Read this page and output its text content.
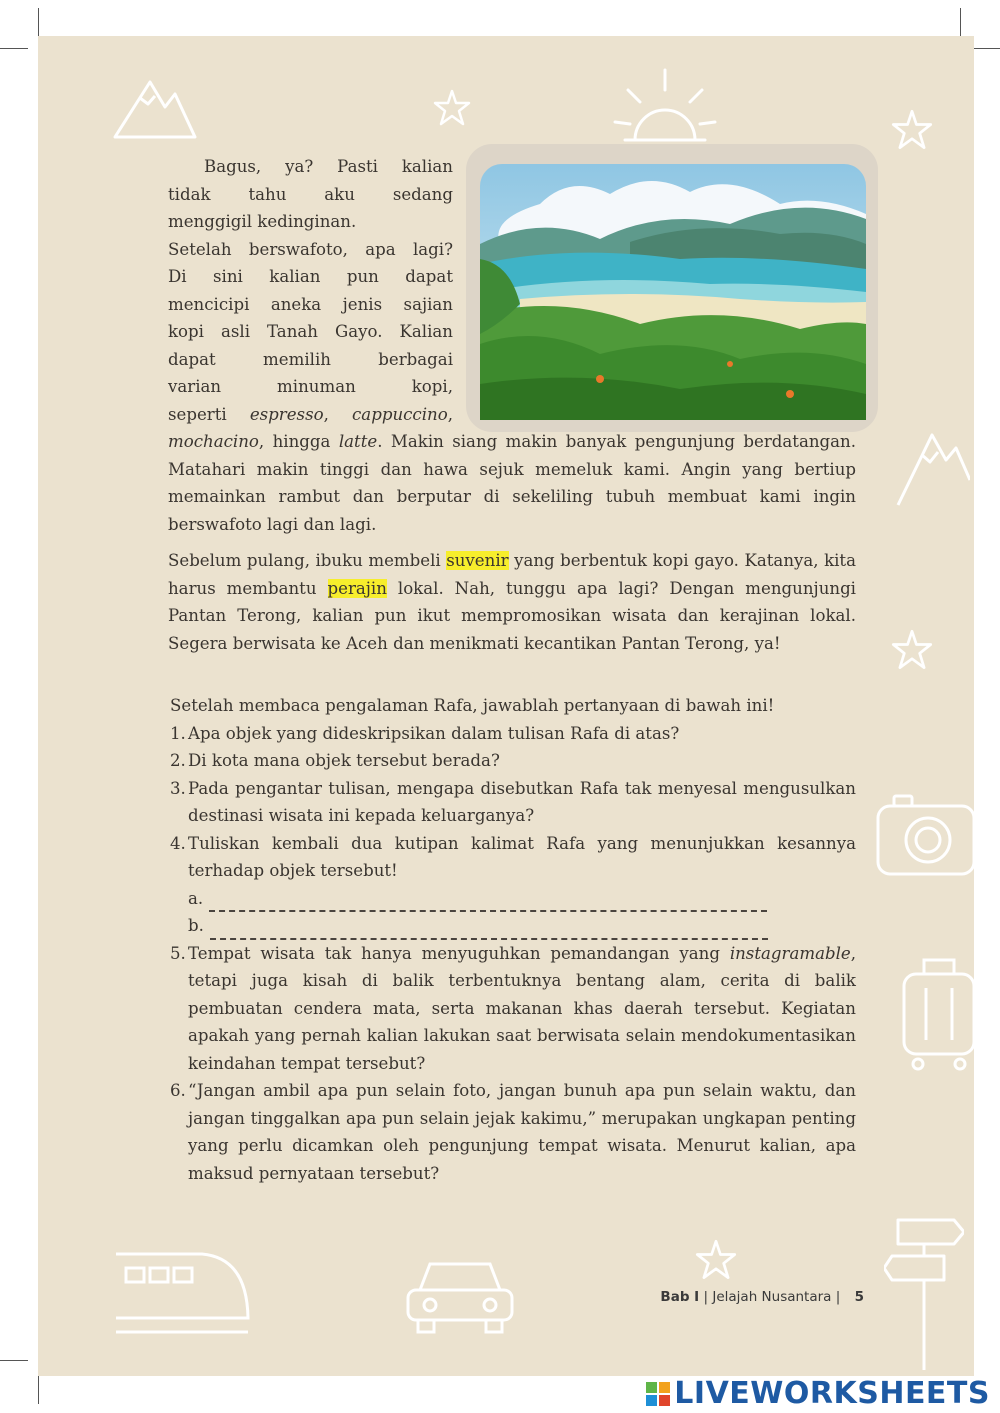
Bagus, ya? Pasti kalian

tidak tahu aku sedang

menggigil kedinginan.

Setelah berswafoto, apa lagi?

Di sini kalian pun dapat

mencicipi aneka jenis sajian

kopi asli Tanah Gayo. Kalian

dapat memilih berbagai

varian minuman kopi,

seperti espresso, cappuccino,

mochacino, hingga latte. Makin siang makin banyak pengunjung berdatangan. Matahari makin tinggi dan hawa sejuk memeluk kami. Angin yang bertiup memainkan rambut dan berputar di sekeliling tubuh membuat kami ingin berswafoto lagi dan lagi.
Sebelum pulang, ibuku membeli suvenir yang berbentuk kopi gayo. Katanya, kita harus membantu perajin lokal. Nah, tunggu apa lagi? Dengan mengunjungi Pantan Terong, kalian pun ikut mempromosikan wisata dan kerajinan lokal. Segera berwisata ke Aceh dan menikmati kecantikan Pantan Terong, ya!

Setelah membaca pengalaman Rafa, jawablah pertanyaan di bawah ini!

1. Apa objek yang dideskripsikan dalam tulisan Rafa di atas?
2. Di kota mana objek tersebut berada?
3. Pada pengantar tulisan, mengapa disebutkan Rafa tak menyesal mengusulkan destinasi wisata ini kepada keluarganya?
4. Tuliskan kembali dua kutipan kalimat Rafa yang menunjukkan kesannya terhadap objek tersebut!
a.
b.
5. Tempat wisata tak hanya menyuguhkan pemandangan yang instagramable, tetapi juga kisah di balik terbentuknya bentang alam, cerita di balik pembuatan cendera mata, serta makanan khas daerah tersebut. Kegiatan apakah yang pernah kalian lakukan saat berwisata selain mendokumentasikan keindahan tempat tersebut?
6. “Jangan ambil apa pun selain foto, jangan bunuh apa pun selain waktu, dan jangan tinggalkan apa pun selain jejak kakimu,” merupakan ungkapan penting yang perlu dicamkan oleh pengunjung tempat wisata. Menurut kalian, apa maksud pernyataan tersebut?
Bab I | Jelajah Nusantara | 5
LIVEWORKSHEETS
